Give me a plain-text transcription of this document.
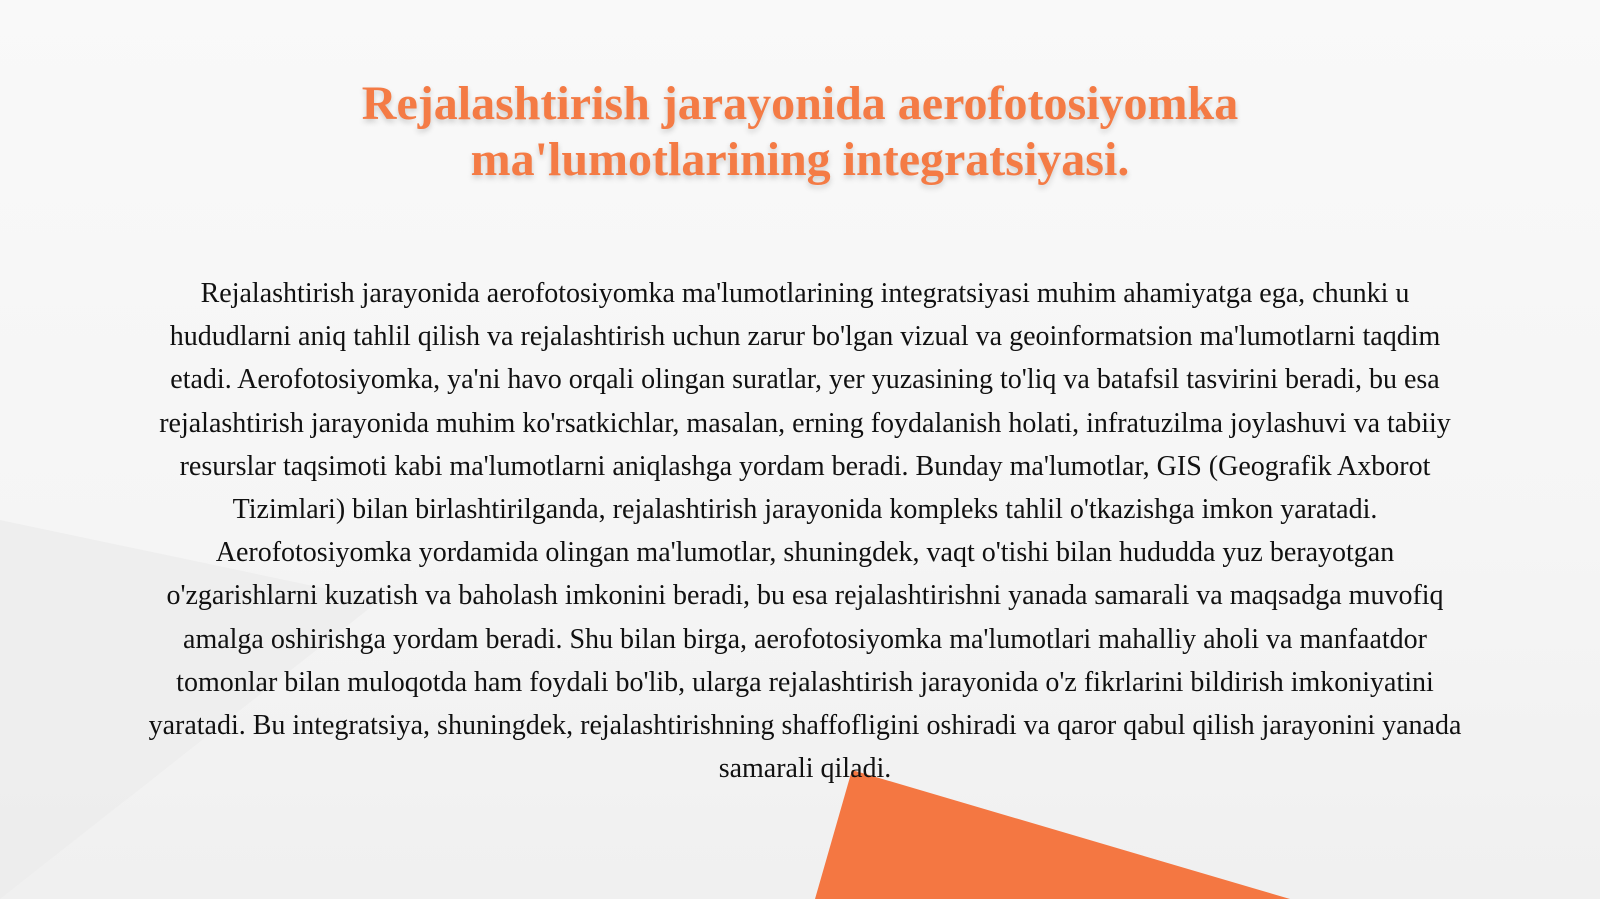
Rejalashtirish jarayonida aerofotosiyomka ma'lumotlarining integratsiyasi.

Rejalashtirish jarayonida aerofotosiyomka ma'lumotlarining integratsiyasi muhim ahamiyatga ega, chunki u hududlarni aniq tahlil qilish va rejalashtirish uchun zarur bo'lgan vizual va geoinformatsion ma'lumotlarni taqdim etadi. Aerofotosiyomka, ya'ni havo orqali olingan suratlar, yer yuzasining to'liq va batafsil tasvirini beradi, bu esa rejalashtirish jarayonida muhim ko'rsatkichlar, masalan, erning foydalanish holati, infratuzilma joylashuvi va tabiiy resurslar taqsimoti kabi ma'lumotlarni aniqlashga yordam beradi. Bunday ma'lumotlar, GIS (Geografik Axborot Tizimlari) bilan birlashtirilganda, rejalashtirish jarayonida kompleks tahlil o'tkazishga imkon yaratadi. Aerofotosiyomka yordamida olingan ma'lumotlar, shuningdek, vaqt o'tishi bilan hududda yuz berayotgan o'zgarishlarni kuzatish va baholash imkonini beradi, bu esa rejalashtirishni yanada samarali va maqsadga muvofiq amalga oshirishga yordam beradi. Shu bilan birga, aerofotosiyomka ma'lumotlari mahalliy aholi va manfaatdor tomonlar bilan muloqotda ham foydali bo'lib, ularga rejalashtirish jarayonida o'z fikrlarini bildirish imkoniyatini yaratadi. Bu integratsiya, shuningdek, rejalashtirishning shaffofligini oshiradi va qaror qabul qilish jarayonini yanada samarali qiladi.
